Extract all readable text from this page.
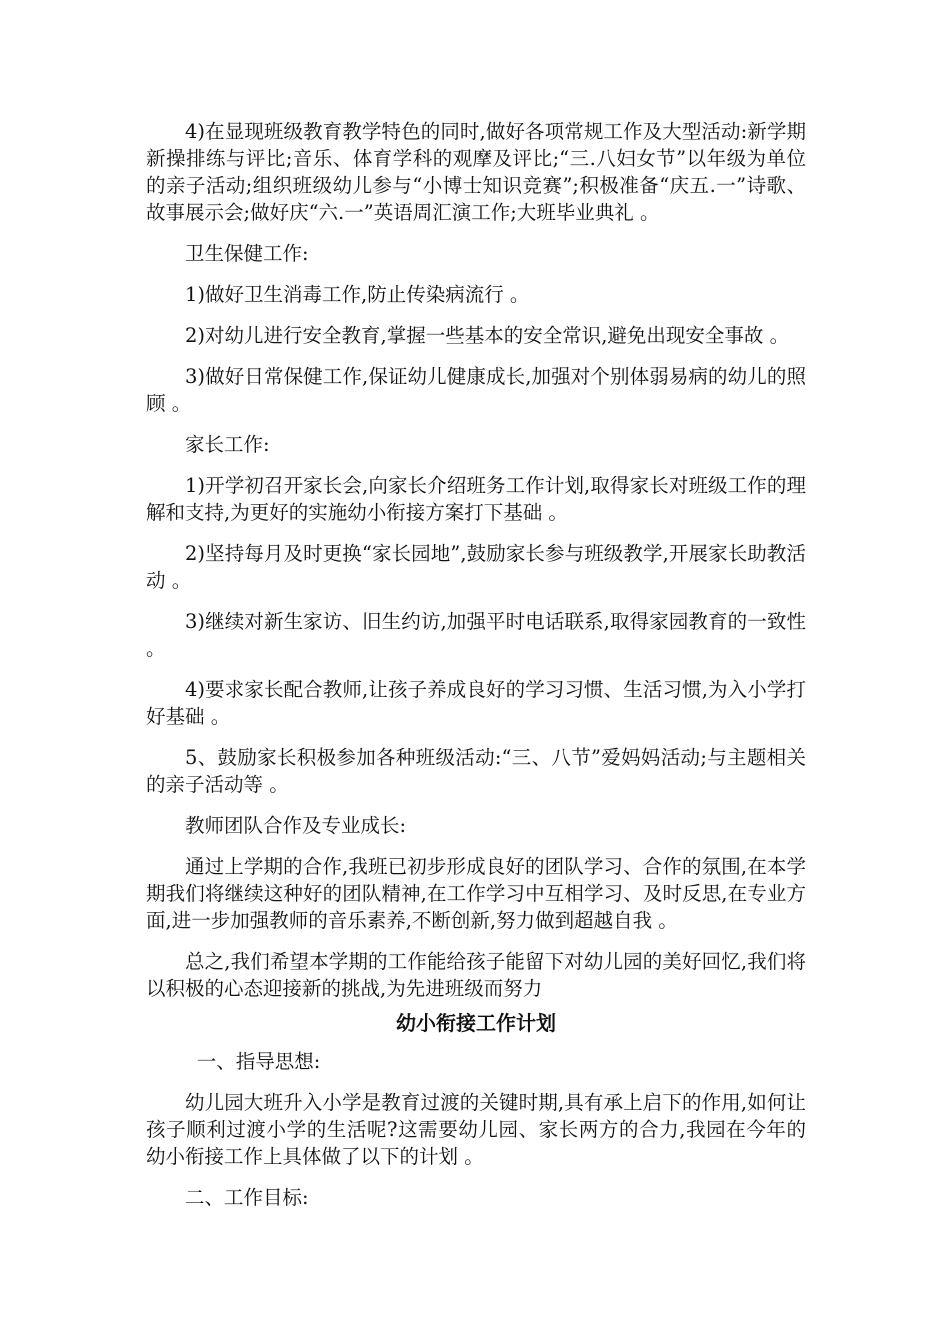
4)在显现班级教育教学特色的同时,做好各项常规工作及大型活动:新学期新操排练与评比;音乐、体育学科的观摩及评比;“三.八妇女节”以年级为单位的亲子活动;组织班级幼儿参与“小博士知识竞赛”;积极准备“庆五.一”诗歌、故事展示会;做好庆“六.一”英语周汇演工作;大班毕业典礼 。

卫生保健工作:

1)做好卫生消毒工作,防止传染病流行 。

2)对幼儿进行安全教育,掌握一些基本的安全常识,避免出现安全事故 。

3)做好日常保健工作,保证幼儿健康成长,加强对个别体弱易病的幼儿的照顾 。

家长工作:

1)开学初召开家长会,向家长介绍班务工作计划,取得家长对班级工作的理解和支持,为更好的实施幼小衔接方案打下基础 。

2)坚持每月及时更换“家长园地”,鼓励家长参与班级教学,开展家长助教活动 。

3)继续对新生家访、旧生约访,加强平时电话联系,取得家园教育的一致性 。

4)要求家长配合教师,让孩子养成良好的学习习惯、生活习惯,为入小学打好基础 。

5、鼓励家长积极参加各种班级活动:“三、八节”爱妈妈活动;与主题相关的亲子活动等 。

教师团队合作及专业成长:

通过上学期的合作,我班已初步形成良好的团队学习、合作的氛围,在本学期我们将继续这种好的团队精神,在工作学习中互相学习、及时反思,在专业方面,进一步加强教师的音乐素养,不断创新,努力做到超越自我 。

总之,我们希望本学期的工作能给孩子能留下对幼儿园的美好回忆,我们将以积极的心态迎接新的挑战,为先进班级而努力

幼小衔接工作计划

一、指导思想:

幼儿园大班升入小学是教育过渡的关键时期,具有承上启下的作用,如何让孩子顺利过渡小学的生活呢?这需要幼儿园、家长两方的合力,我园在今年的幼小衔接工作上具体做了以下的计划 。

二、工作目标:
